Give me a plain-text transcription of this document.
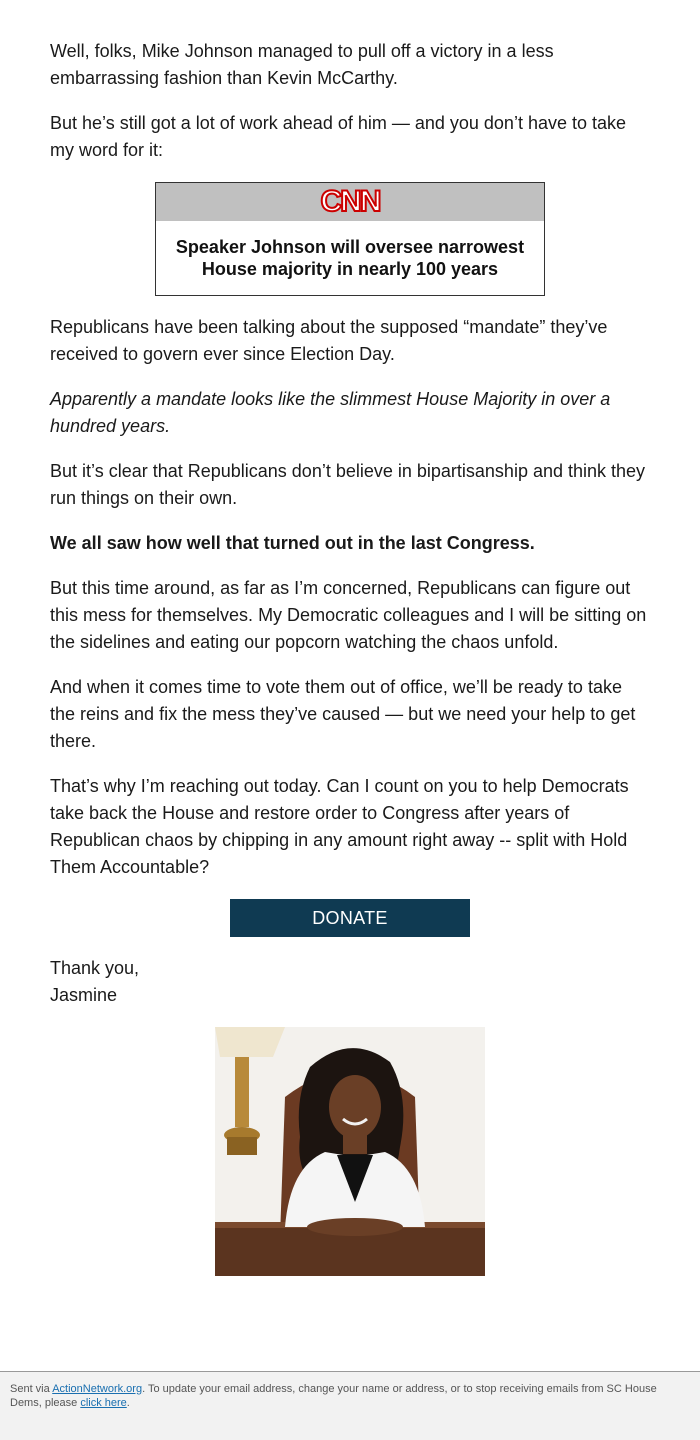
Well, folks, Mike Johnson managed to pull off a victory in a less embarrassing fashion than Kevin McCarthy.

But he’s still got a lot of work ahead of him — and you don’t have to take my word for it:

Republicans have been talking about the supposed “mandate” they’ve received to govern ever since Election Day.

Apparently a mandate looks like the slimmest House Majority in over a hundred years.

But it’s clear that Republicans don’t believe in bipartisanship and think they run things on their own.

We all saw how well that turned out in the last Congress.

But this time around, as far as I’m concerned, Republicans can figure out this mess for themselves. My Democratic colleagues and I will be sitting on the sidelines and eating our popcorn watching the chaos unfold.

And when it comes time to vote them out of office, we’ll be ready to take the reins and fix the mess they’ve caused — but we need your help to get there.

That’s why I’m reaching out today. Can I count on you to help Democrats take back the House and restore order to Congress after years of Republican chaos by chipping in any amount right away -- split with Hold Them Accountable?

Thank you,

Jasmine

CNN
Speaker Johnson will oversee narrowest
House majority in nearly 100 years
DONATE
Sent via ActionNetwork.org. To update your email address, change your name or address, or to stop receiving emails from SC House Dems, please click here.
